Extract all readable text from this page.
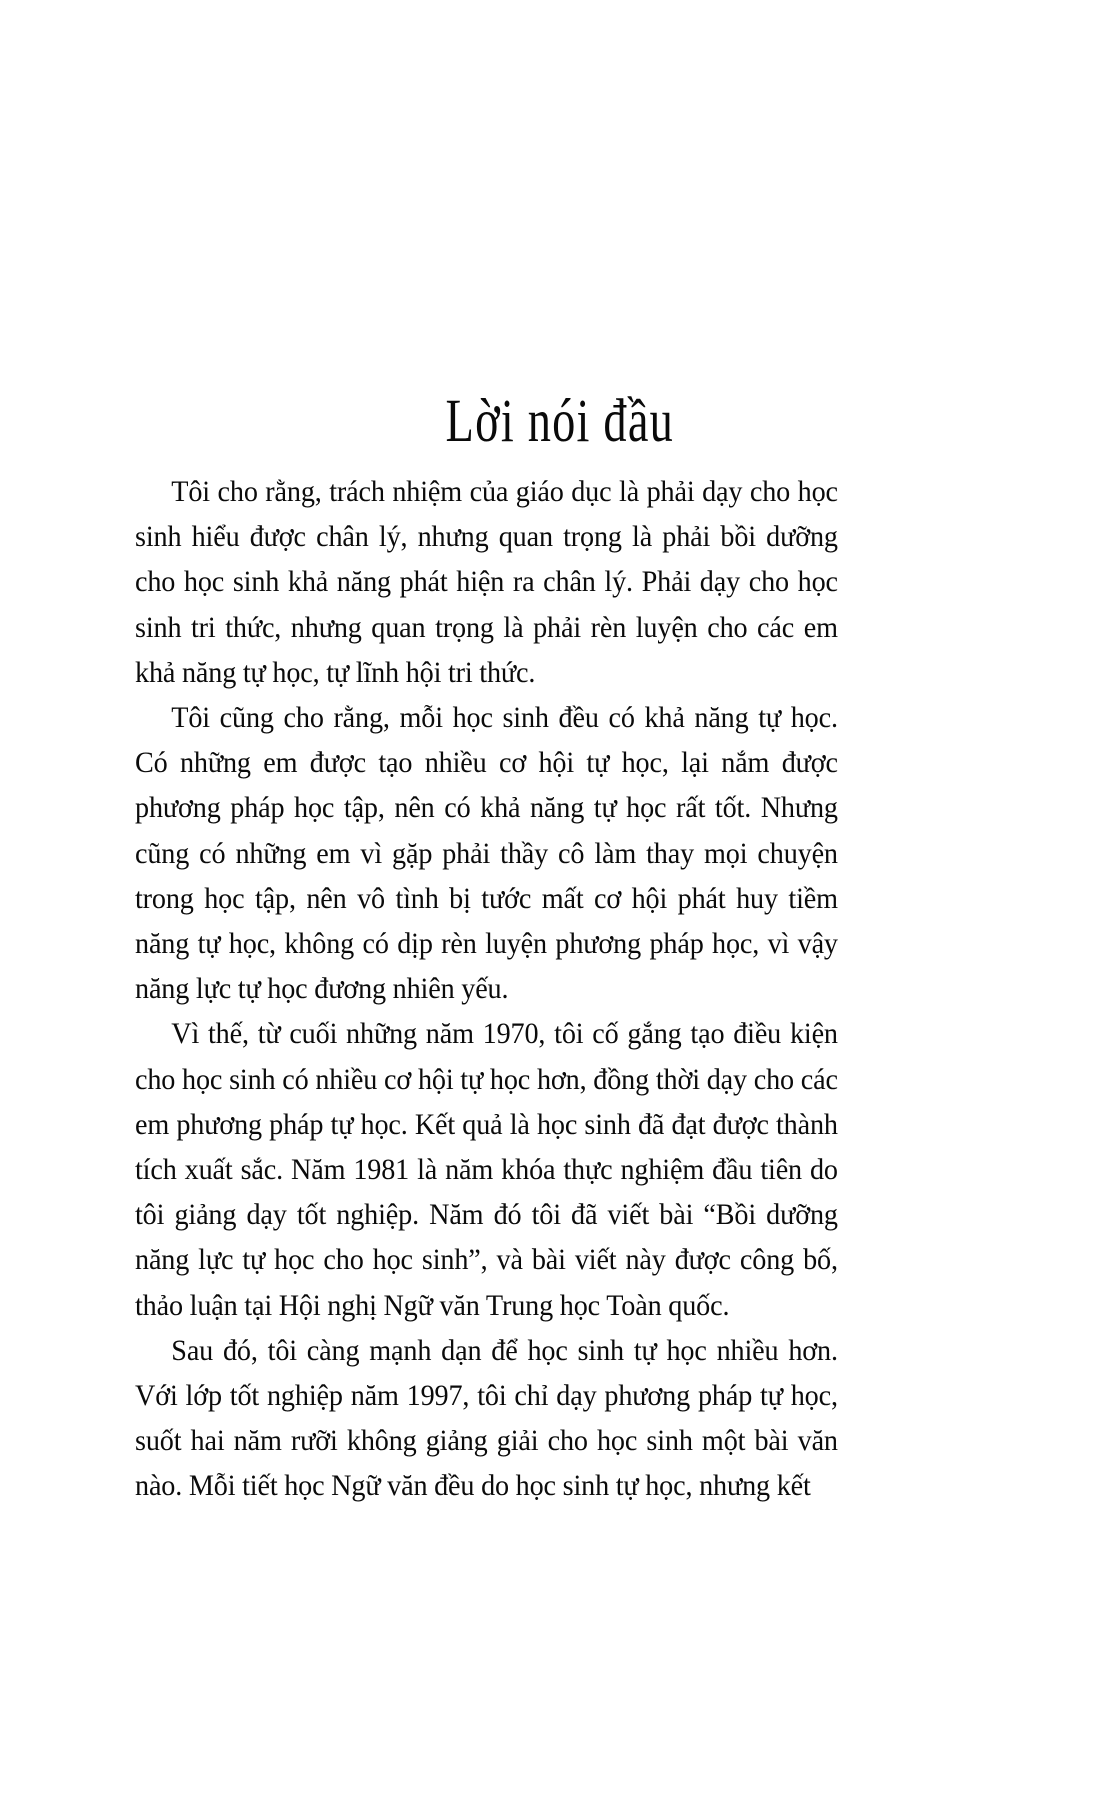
Lời nói đầu

Tôi cho rằng, trách nhiệm của giáo dục là phải dạy cho học sinh hiểu được chân lý, nhưng quan trọng là phải bồi dưỡng cho học sinh khả năng phát hiện ra chân lý. Phải dạy cho học sinh tri thức, nhưng quan trọng là phải rèn luyện cho các em khả năng tự học, tự lĩnh hội tri thức.

Tôi cũng cho rằng, mỗi học sinh đều có khả năng tự học. Có những em được tạo nhiều cơ hội tự học, lại nắm được phương pháp học tập, nên có khả năng tự học rất tốt. Nhưng cũng có những em vì gặp phải thầy cô làm thay mọi chuyện trong học tập, nên vô tình bị tước mất cơ hội phát huy tiềm năng tự học, không có dịp rèn luyện phương pháp học, vì vậy năng lực tự học đương nhiên yếu.

Vì thế, từ cuối những năm 1970, tôi cố gắng tạo điều kiện cho học sinh có nhiều cơ hội tự học hơn, đồng thời dạy cho các em phương pháp tự học. Kết quả là học sinh đã đạt được thành tích xuất sắc. Năm 1981 là năm khóa thực nghiệm đầu tiên do tôi giảng dạy tốt nghiệp. Năm đó tôi đã viết bài “Bồi dưỡng năng lực tự học cho học sinh”, và bài viết này được công bố, thảo luận tại Hội nghị Ngữ văn Trung học Toàn quốc.

Sau đó, tôi càng mạnh dạn để học sinh tự học nhiều hơn. Với lớp tốt nghiệp năm 1997, tôi chỉ dạy phương pháp tự học, suốt hai năm rưỡi không giảng giải cho học sinh một bài văn nào. Mỗi tiết học Ngữ văn đều do học sinh tự học, nhưng kết
